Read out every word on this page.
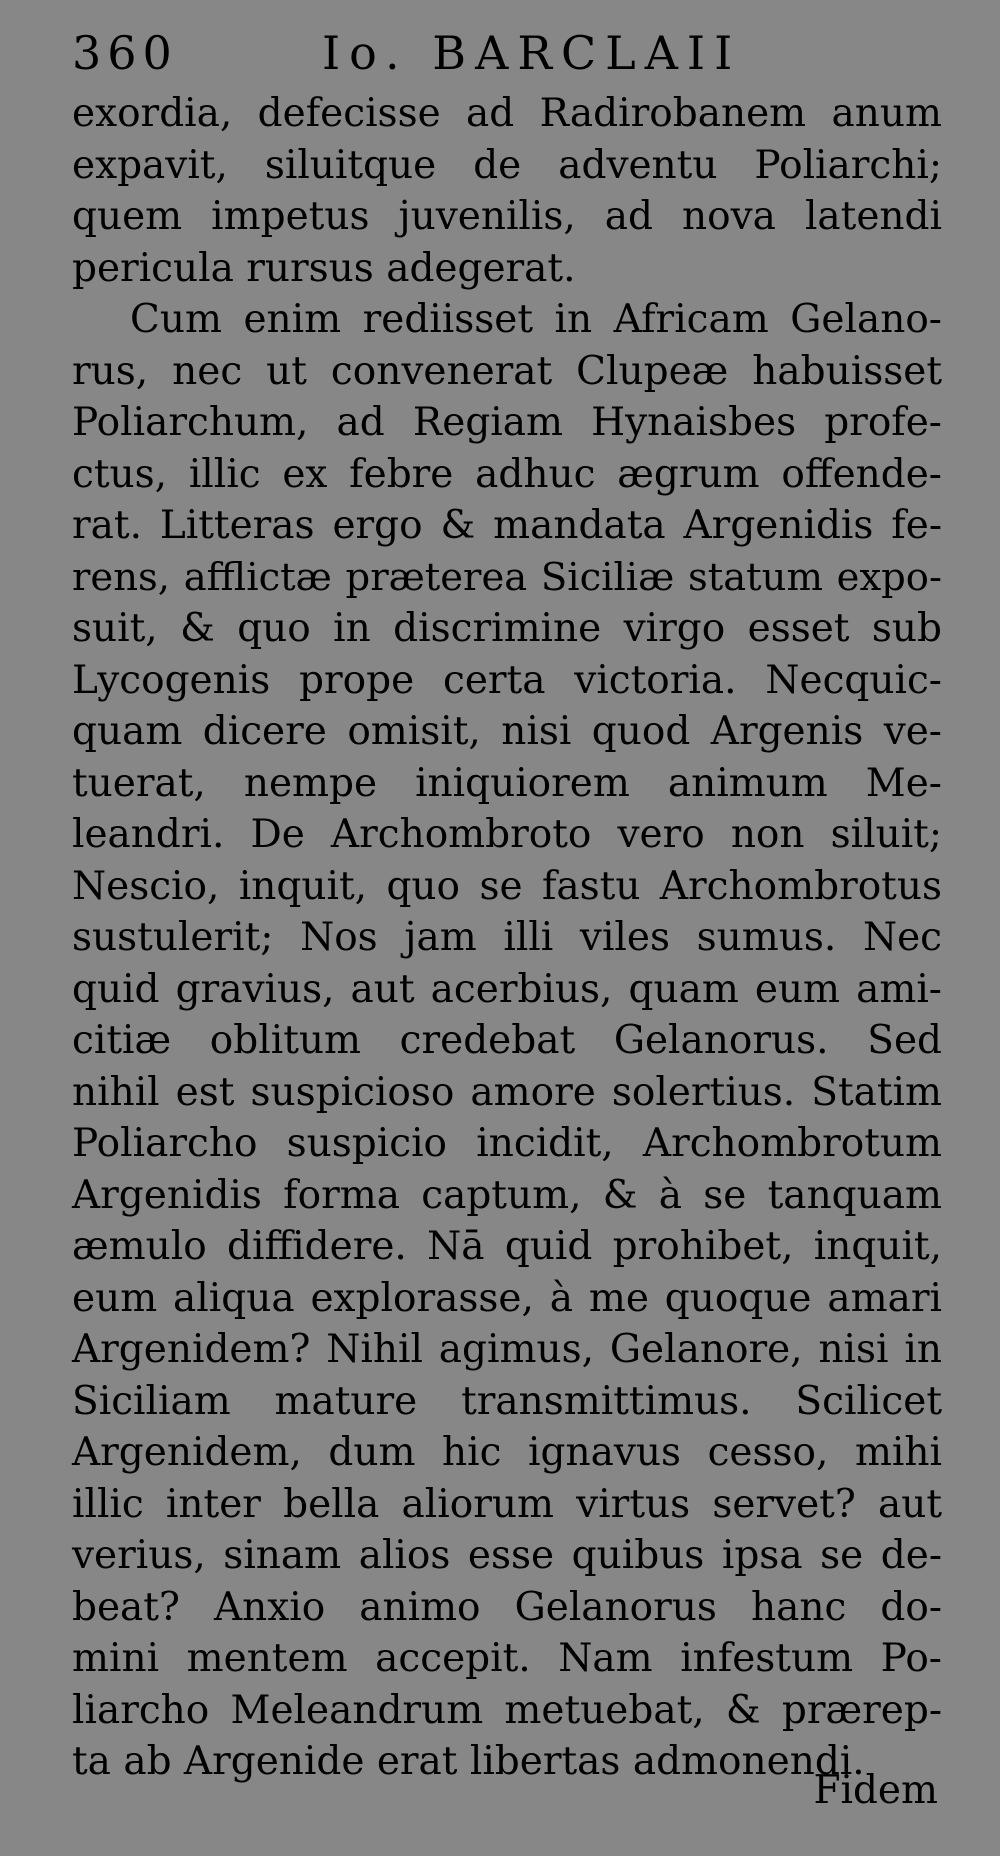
360	Io. BARCLAII
exordia, defecisse ad Radirobanem anum
expavit, siluitque de adventu Poliarchi;
quem impetus juvenilis, ad nova latendi
pericula rursus adegerat.
Cum enim rediisset in Africam Gelano-
rus, nec ut convenerat Clupeæ habuisset
Poliarchum, ad Regiam Hynaisbes profe-
ctus, illic ex febre adhuc ægrum offende-
rat. Litteras ergo & mandata Argenidis fe-
rens, afflictæ præterea Siciliæ statum expo-
suit, & quo in discrimine virgo esset sub
Lycogenis prope certa victoria. Necquic-
quam dicere omisit, nisi quod Argenis ve-
tuerat, nempe iniquiorem animum Me-
leandri. De Archombroto vero non siluit;
Nescio, inquit, quo se fastu Archombrotus
sustulerit; Nos jam illi viles sumus. Nec
quid gravius, aut acerbius, quam eum ami-
citiæ oblitum credebat Gelanorus. Sed
nihil est suspicioso amore solertius. Statim
Poliarcho suspicio incidit, Archombrotum
Argenidis forma captum, & à se tanquam
æmulo diffidere. Nā quid prohibet, inquit,
eum aliqua explorasse, à me quoque amari
Argenidem? Nihil agimus, Gelanore, nisi in
Siciliam mature transmittimus. Scilicet
Argenidem, dum hic ignavus cesso, mihi
illic inter bella aliorum virtus servet? aut
verius, sinam alios esse quibus ipsa se de-
beat? Anxio animo Gelanorus hanc do-
mini mentem accepit. Nam infestum Po-
liarcho Meleandrum metuebat, & prærep-
ta ab Argenide erat libertas admonendi.
Fidem
